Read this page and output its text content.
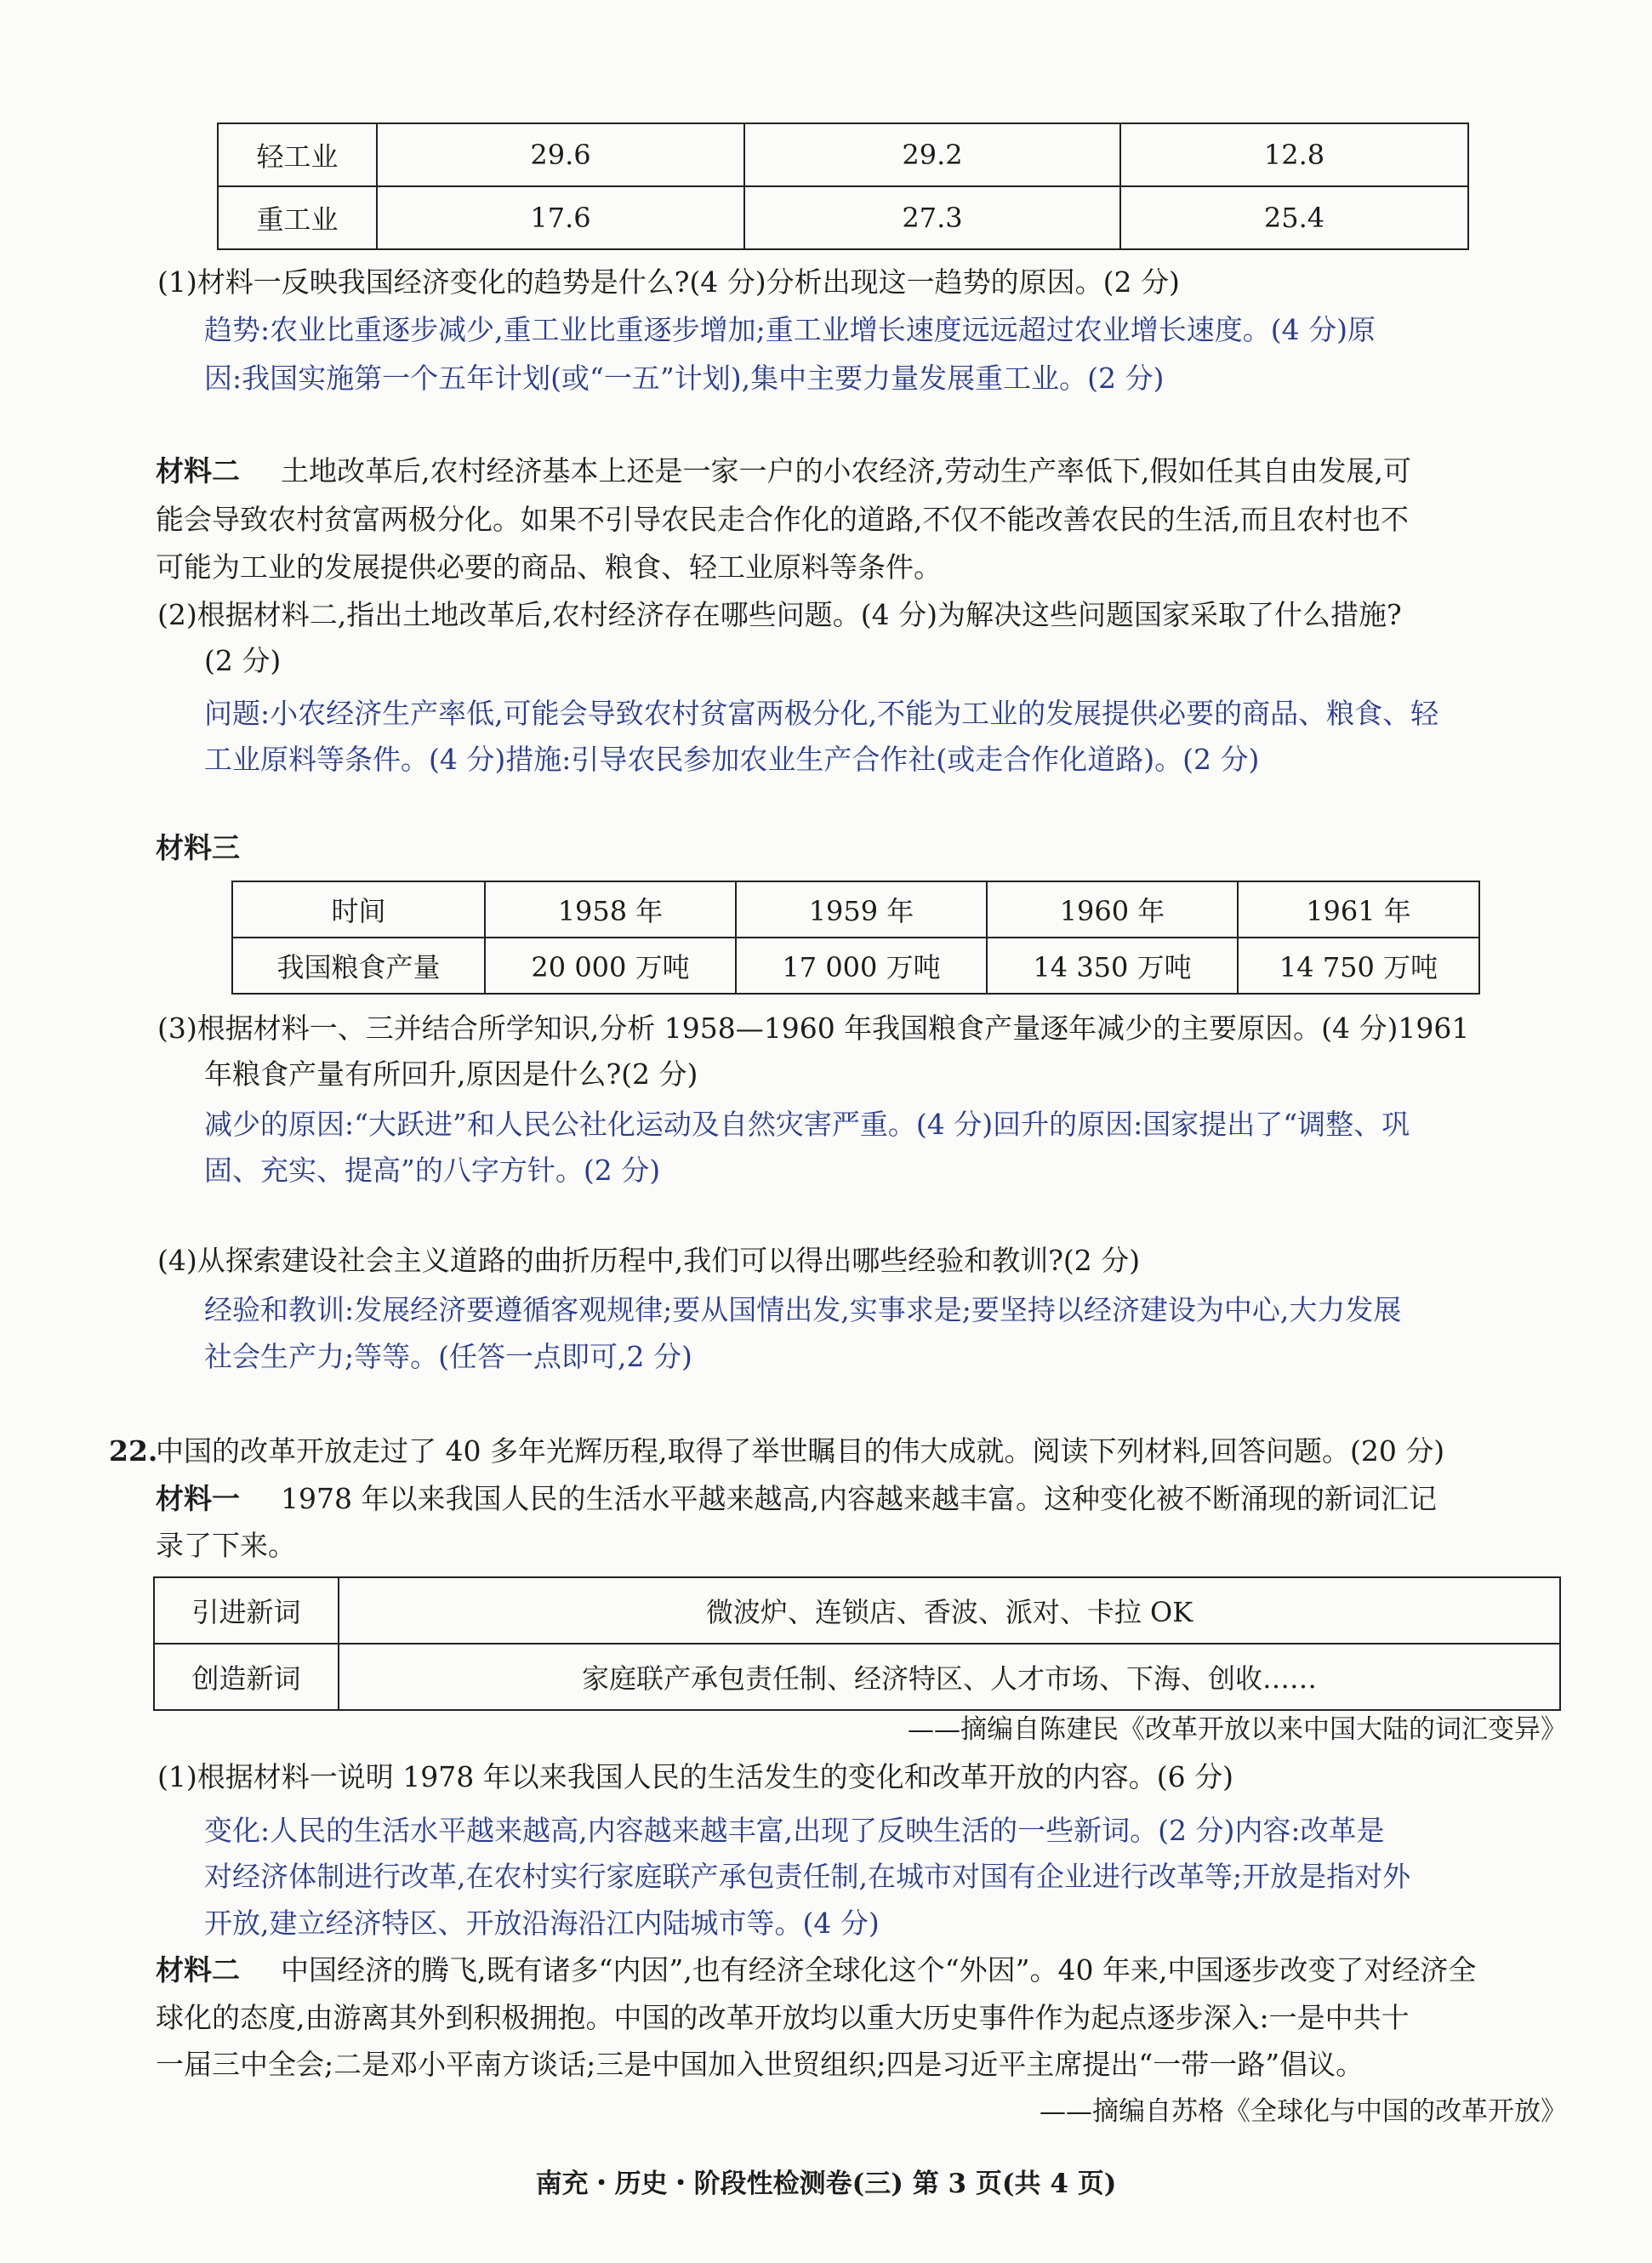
轻工业	29.6	29.2	12.8
重工业	17.6	27.3	25.4
(1)材料一反映我国经济变化的趋势是什么?(4 分)分析出现这一趋势的原因。(2 分)
趋势:农业比重逐步减少,重工业比重逐步增加;重工业增长速度远远超过农业增长速度。(4 分)原
因:我国实施第一个五年计划(或“一五”计划),集中主要力量发展重工业。(2 分)
材料二 土地改革后,农村经济基本上还是一家一户的小农经济,劳动生产率低下,假如任其自由发展,可
能会导致农村贫富两极分化。如果不引导农民走合作化的道路,不仅不能改善农民的生活,而且农村也不
可能为工业的发展提供必要的商品、粮食、轻工业原料等条件。
(2)根据材料二,指出土地改革后,农村经济存在哪些问题。(4 分)为解决这些问题国家采取了什么措施?
(2 分)
问题:小农经济生产率低,可能会导致农村贫富两极分化,不能为工业的发展提供必要的商品、粮食、轻
工业原料等条件。(4 分)措施:引导农民参加农业生产合作社(或走合作化道路)。(2 分)
材料三
时间	1958 年	1959 年	1960 年	1961 年
我国粮食产量	20 000 万吨	17 000 万吨	14 350 万吨	14 750 万吨
(3)根据材料一、三并结合所学知识,分析 1958—1960 年我国粮食产量逐年减少的主要原因。(4 分)1961
年粮食产量有所回升,原因是什么?(2 分)
减少的原因:“大跃进”和人民公社化运动及自然灾害严重。(4 分)回升的原因:国家提出了“调整、巩
固、充实、提高”的八字方针。(2 分)
(4)从探索建设社会主义道路的曲折历程中,我们可以得出哪些经验和教训?(2 分)
经验和教训:发展经济要遵循客观规律;要从国情出发,实事求是;要坚持以经济建设为中心,大力发展
社会生产力;等等。(任答一点即可,2 分)
22.
中国的改革开放走过了 40 多年光辉历程,取得了举世瞩目的伟大成就。阅读下列材料,回答问题。(20 分)
材料一 1978 年以来我国人民的生活水平越来越高,内容越来越丰富。这种变化被不断涌现的新词汇记
录了下来。
引进新词	微波炉、连锁店、香波、派对、卡拉 OK
创造新词	家庭联产承包责任制、经济特区、人才市场、下海、创收……
——摘编自陈建民《改革开放以来中国大陆的词汇变异》
(1)根据材料一说明 1978 年以来我国人民的生活发生的变化和改革开放的内容。(6 分)
变化:人民的生活水平越来越高,内容越来越丰富,出现了反映生活的一些新词。(2 分)内容:改革是
对经济体制进行改革,在农村实行家庭联产承包责任制,在城市对国有企业进行改革等;开放是指对外
开放,建立经济特区、开放沿海沿江内陆城市等。(4 分)
材料二 中国经济的腾飞,既有诸多“内因”,也有经济全球化这个“外因”。40 年来,中国逐步改变了对经济全
球化的态度,由游离其外到积极拥抱。中国的改革开放均以重大历史事件作为起点逐步深入:一是中共十
一届三中全会;二是邓小平南方谈话;三是中国加入世贸组织;四是习近平主席提出“一带一路”倡议。
——摘编自苏格《全球化与中国的改革开放》
南充・历史・阶段性检测卷(三) 第 3 页(共 4 页)
